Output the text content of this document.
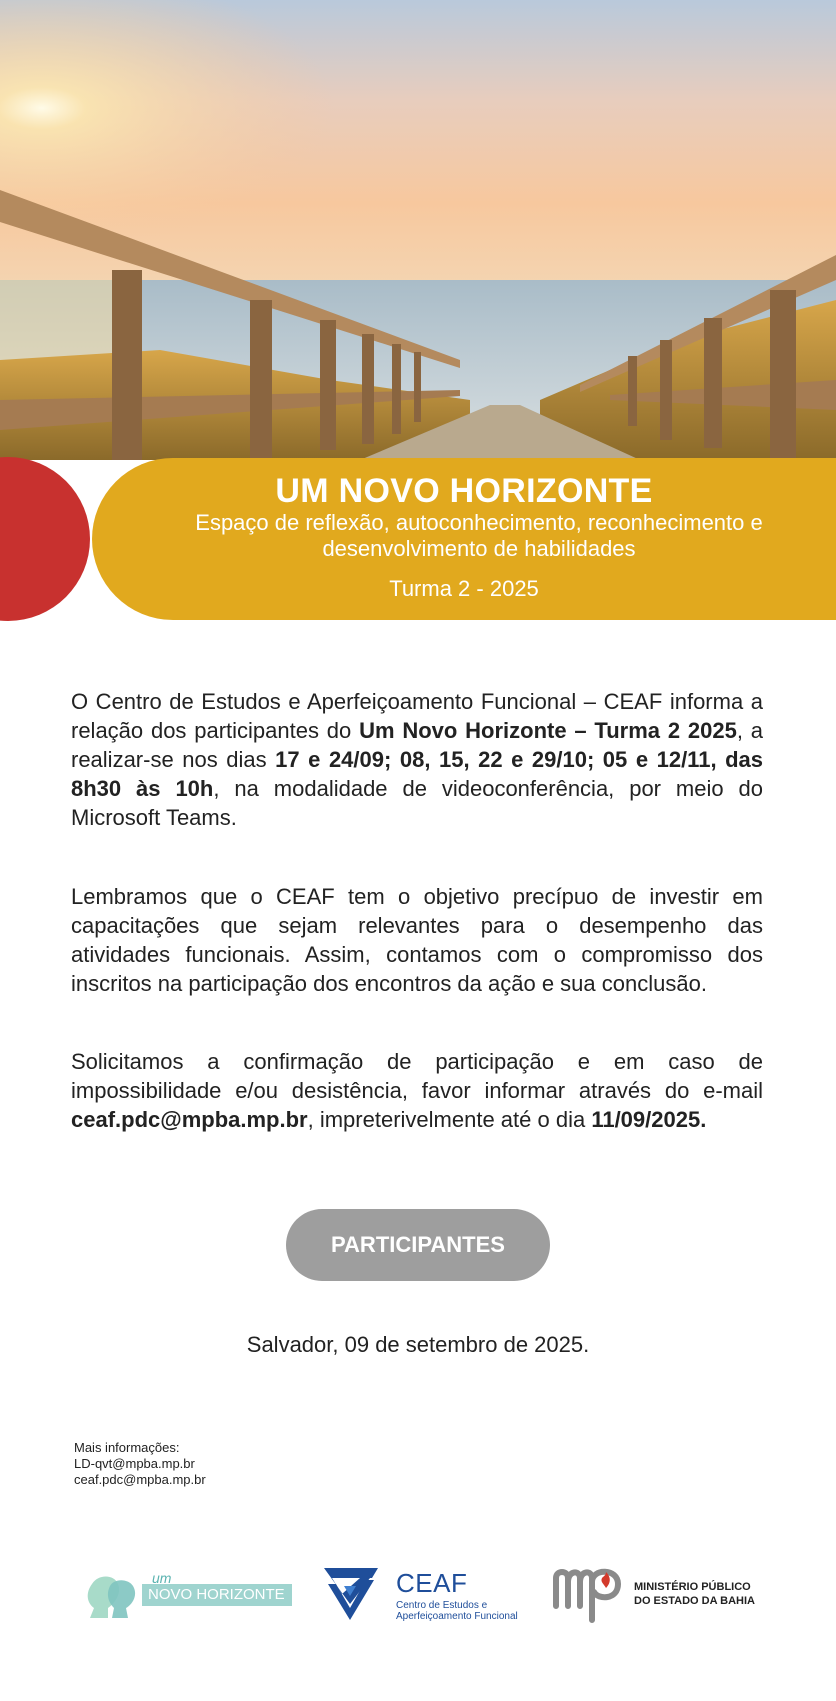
UM NOVO HORIZONTE
Espaço de reflexão, autoconhecimento, reconhecimento e desenvolvimento de habilidades
Turma 2 - 2025
O Centro de Estudos e Aperfeiçoamento Funcional – CEAF informa a relação dos participantes do Um Novo Horizonte – Turma 2 2025, a realizar-se nos dias 17 e 24/09; 08, 15, 22 e 29/10; 05 e 12/11, das 8h30 às 10h, na modalidade de videoconferência, por meio do Microsoft Teams.
Lembramos que o CEAF tem o objetivo precípuo de investir em capacitações que sejam relevantes para o desempenho das atividades funcionais. Assim, contamos com o compromisso dos inscritos na participação dos encontros da ação e sua conclusão.
Solicitamos a confirmação de participação e em caso de impossibilidade e/ou desistência, favor informar através do e-mail ceaf.pdc@mpba.mp.br, impreterivelmente até o dia 11/09/2025.
PARTICIPANTES
Salvador, 09 de setembro de 2025.
Mais informações:
LD-qvt@mpba.mp.br
ceaf.pdc@mpba.mp.br
um
NOVO HORIZONTE	CEAF
Centro de Estudos e
Aperfeiçoamento Funcional
MINISTÉRIO PÚBLICO
DO ESTADO DA BAHIA
